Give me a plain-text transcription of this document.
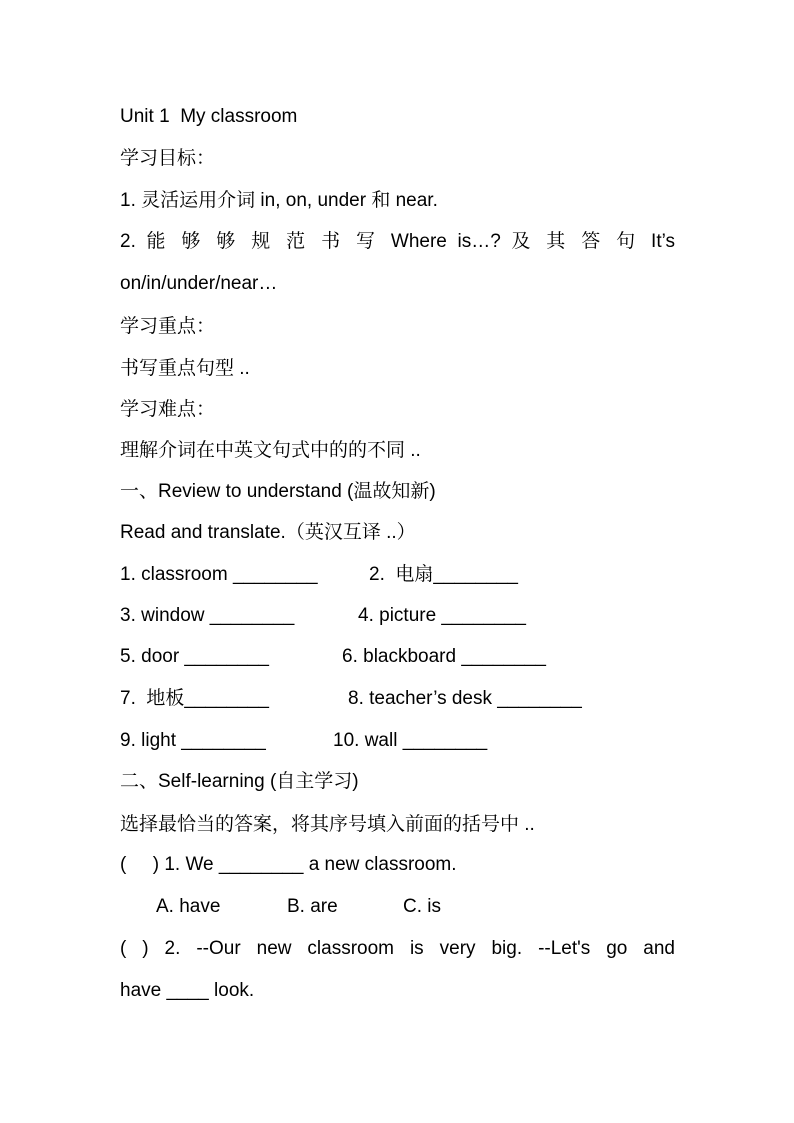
Unit 1  My classroom
学习目标：
1. 灵活运用介词 in, on, under 和 near.
2. 能 够 够 规 范 书 写 Where is…? 及 其 答 句 It’s
on/in/under/near…
学习重点：
书写重点句型 ..
学习难点：
理解介词在中英文句式中的的不同 ..
一、Review to understand (温故知新)
Read and translate.（英汉互译 ..）
1. classroom ________	2.  电扇________
3. window ________	4. picture ________
5. door ________	6. blackboard ________
7.  地板________	8. teacher’s desk ________
9. light ________	10. wall ________
二、Self-learning (自主学习)
选择最恰当的答案，将其序号填入前面的括号中 ..
(     ) 1. We ________ a new classroom.
A. have	B. are	C. is
( ) 2. --Our new classroom is very big. --Let's go and
have ____ look.
